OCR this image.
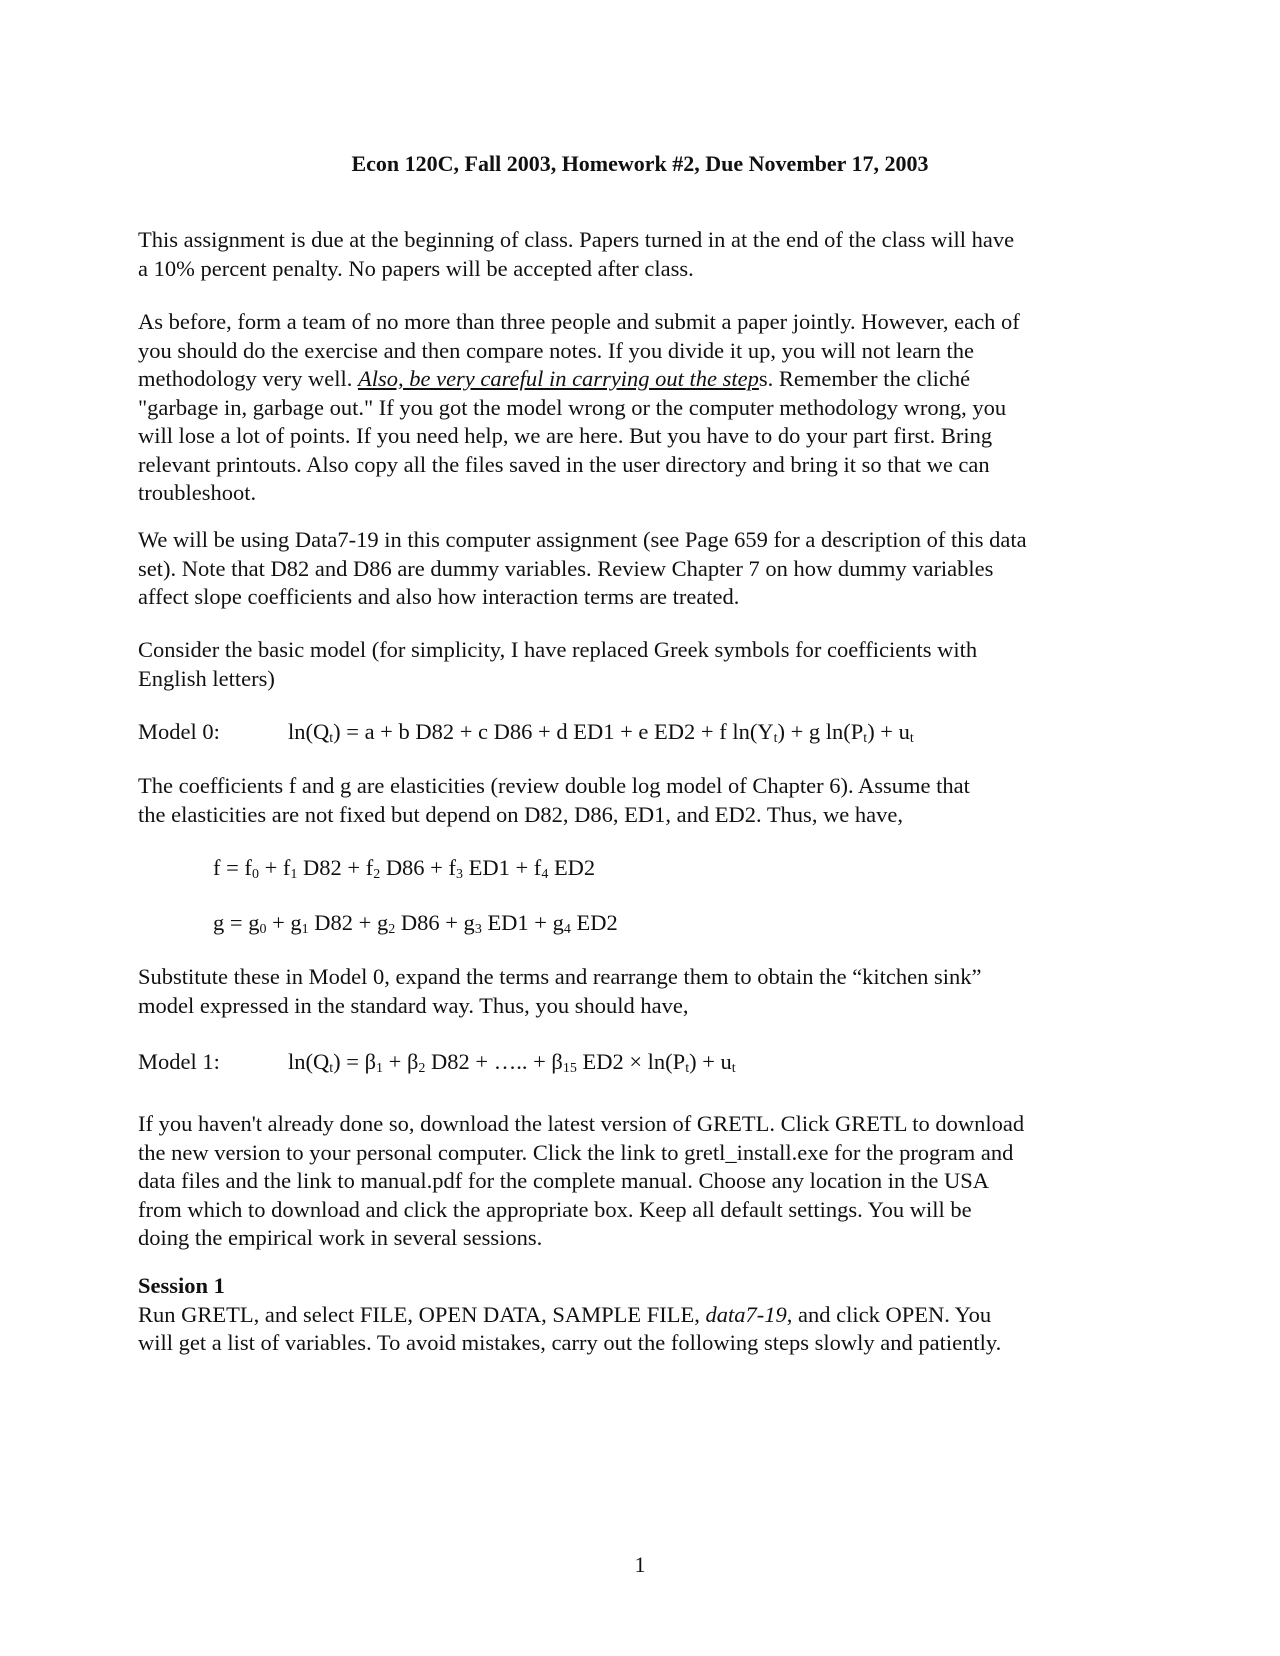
Econ 120C, Fall 2003, Homework #2, Due November 17, 2003
This assignment is due at the beginning of class. Papers turned in at the end of the class will have
a 10% percent penalty. No papers will be accepted after class.
As before, form a team of no more than three people and submit a paper jointly. However, each of
you should do the exercise and then compare notes. If you divide it up, you will not learn the
methodology very well. Also, be very careful in carrying out the steps. Remember the cliché
"garbage in, garbage out." If you got the model wrong or the computer methodology wrong, you
will lose a lot of points. If you need help, we are here. But you have to do your part first. Bring
relevant printouts. Also copy all the files saved in the user directory and bring it so that we can
troubleshoot.
We will be using Data7-19 in this computer assignment (see Page 659 for a description of this data
set). Note that D82 and D86 are dummy variables. Review Chapter 7 on how dummy variables
affect slope coefficients and also how interaction terms are treated.
Consider the basic model (for simplicity, I have replaced Greek symbols for coefficients with
English letters)
Model 0:	$\ln(Q_t) = a + b$ D82 + c D86 + d ED1 + e ED2 + f $\ln(Y_t) + g$ $\ln(P_t) + u_t$
The coefficients f and g are elasticities (review double log model of Chapter 6). Assume that
the elasticities are not fixed but depend on D82, D86, ED1, and ED2. Thus, we have,
$f = f_0 + f_1$ $D82 + f_2$ $D86 + f_3$ $ED1 + f_4$ ED2
$g = g_0 + g_1$ $D82 + g_2$ $D86 + g_3$ $ED1 + g_4$ ED2
Substitute these in Model 0, expand the terms and rearrange them to obtain the “kitchen sink”
model expressed in the standard way. Thus, you should have,
Model 1:	$\ln(Q_t) = \beta_1 + \beta_2$ D82 + ….. + $\beta_{15}$ $ED2 \times \ln(P_t) + u_t$
If you haven't already done so, download the latest version of GRETL. Click GRETL to download
the new version to your personal computer. Click the link to gretl_install.exe for the program and
data files and the link to manual.pdf for the complete manual. Choose any location in the USA
from which to download and click the appropriate box. Keep all default settings. You will be
doing the empirical work in several sessions.
Session 1
Run GRETL, and select FILE, OPEN DATA, SAMPLE FILE, data7-19, and click OPEN. You
will get a list of variables. To avoid mistakes, carry out the following steps slowly and patiently.
1
